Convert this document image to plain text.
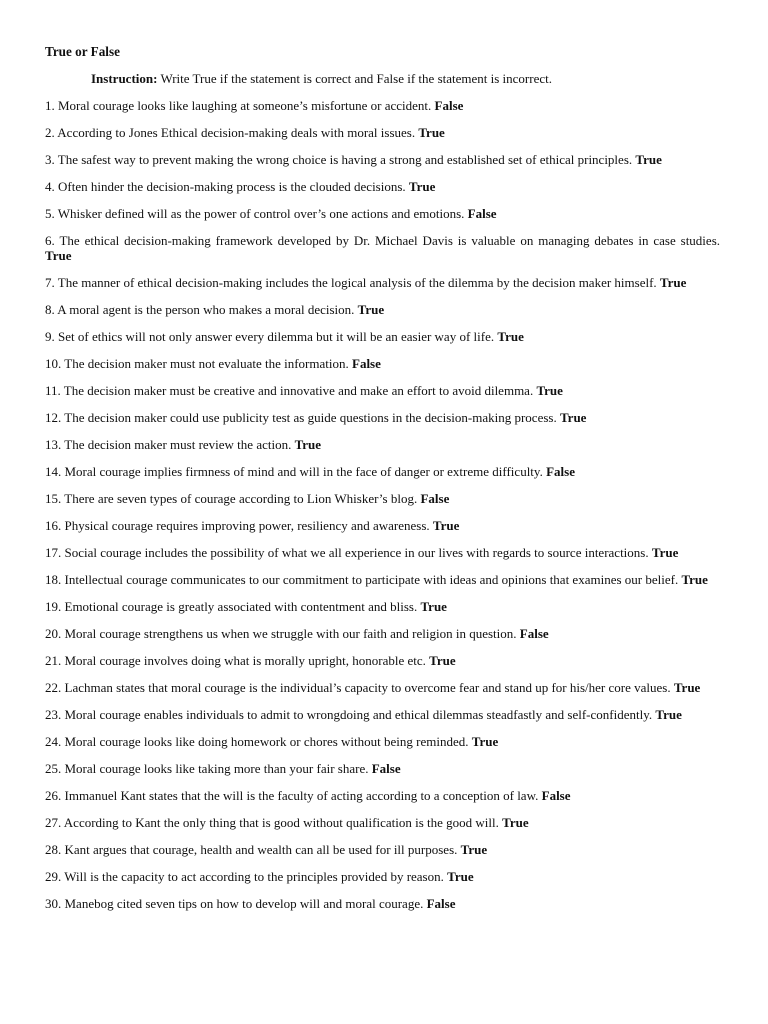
True or False
Instruction: Write True if the statement is correct and False if the statement is incorrect.
1. Moral courage looks like laughing at someone’s misfortune or accident. False
2. According to Jones Ethical decision-making deals with moral issues. True
3. The safest way to prevent making the wrong choice is having a strong and established set of ethical principles. True
4. Often hinder the decision-making process is the clouded decisions. True
5. Whisker defined will as the power of control over’s one actions and emotions. False
6. The ethical decision-making framework developed by Dr. Michael Davis is valuable on managing debates in case studies. True
7. The manner of ethical decision-making includes the logical analysis of the dilemma by the decision maker himself. True
8. A moral agent is the person who makes a moral decision. True
9. Set of ethics will not only answer every dilemma but it will be an easier way of life. True
10. The decision maker must not evaluate the information. False
11. The decision maker must be creative and innovative and make an effort to avoid dilemma. True
12. The decision maker could use publicity test as guide questions in the decision-making process. True
13. The decision maker must review the action. True
14. Moral courage implies firmness of mind and will in the face of danger or extreme difficulty. False
15. There are seven types of courage according to Lion Whisker’s blog. False
16. Physical courage requires improving power, resiliency and awareness. True
17. Social courage includes the possibility of what we all experience in our lives with regards to source interactions. True
18. Intellectual courage communicates to our commitment to participate with ideas and opinions that examines our belief. True
19. Emotional courage is greatly associated with contentment and bliss. True
20. Moral courage strengthens us when we struggle with our faith and religion in question. False
21. Moral courage involves doing what is morally upright, honorable etc. True
22. Lachman states that moral courage is the individual’s capacity to overcome fear and stand up for his/her core values. True
23. Moral courage enables individuals to admit to wrongdoing and ethical dilemmas steadfastly and self-confidently. True
24. Moral courage looks like doing homework or chores without being reminded. True
25. Moral courage looks like taking more than your fair share. False
26. Immanuel Kant states that the will is the faculty of acting according to a conception of law. False
27. According to Kant the only thing that is good without qualification is the good will. True
28. Kant argues that courage, health and wealth can all be used for ill purposes. True
29. Will is the capacity to act according to the principles provided by reason. True
30. Manebog cited seven tips on how to develop will and moral courage. False
